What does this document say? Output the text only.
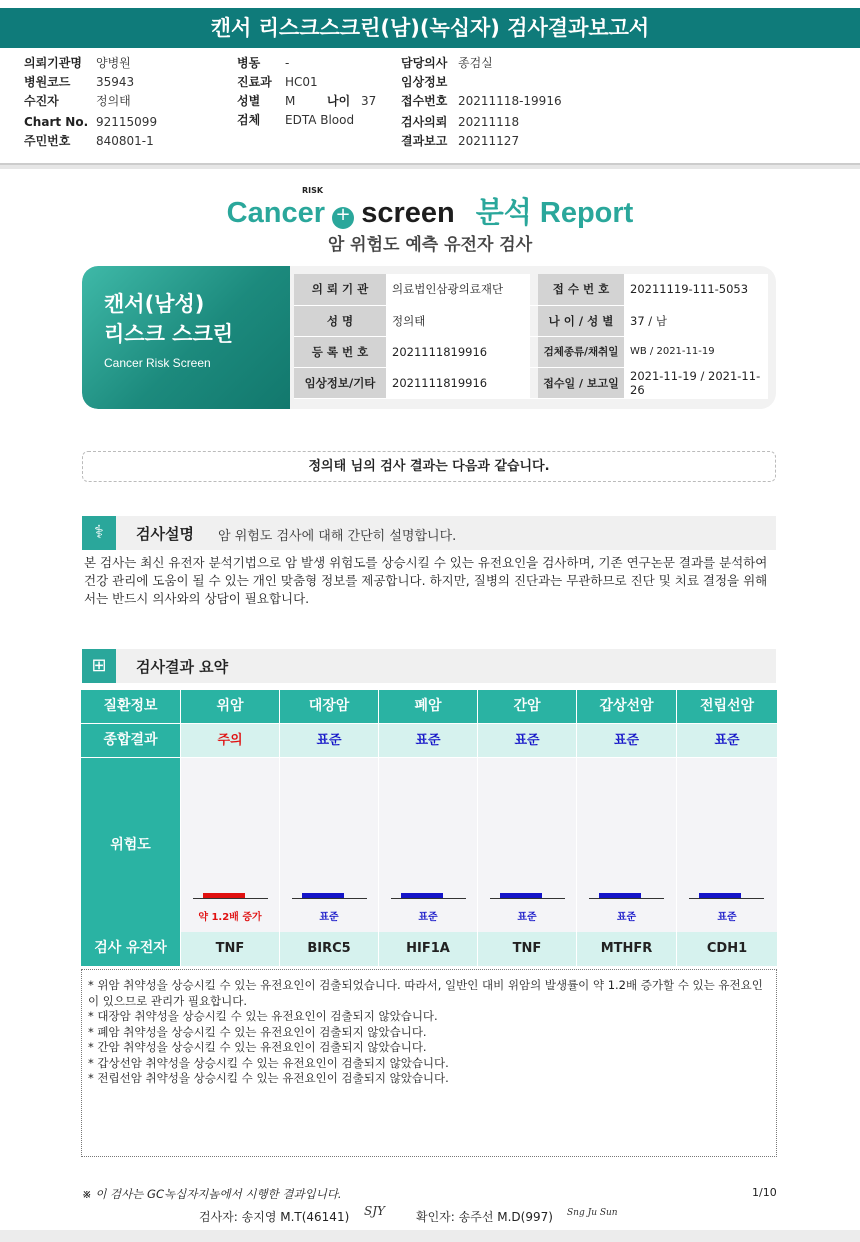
캔서 리스크스크린(남)(녹십자) 검사결과보고서
의뢰기관명 양병원
병원코드 35943
수진자	정의태
Chart No. 92115099
주민번호 840801-1
병동 -
진료과 HC01
성별 M	나이 37
검체 EDTA Blood
담당의사 종검실
임상정보
접수번호 20211118-19916
검사의뢰 20211118
결과보고 20211127
Cancer + screen 분석 Report
RISK
암 위험도 예측 유전자 검사
캔서(남성)
리스크 스크린
Cancer Risk Screen
의 뢰 기 관	의료법인삼광의료재단		접 수 번 호	20211119-111-5053
성 명	정의태		나 이 / 성 별	37 / 남
등 록 번 호	2021111819916		검체종류/채취일	WB / 2021-11-19
임상정보/기타	2021111819916		접수일 / 보고일	2021-11-19 / 2021-11-26
정의태 님의 검사 결과는 다음과 같습니다.
⚕	검사설명 암 위험도 검사에 대해 간단히 설명합니다.
본 검사는 최신 유전자 분석기법으로 암 발생 위험도를 상승시킬 수 있는 유전요인을 검사하며, 기존 연구논문 결과를 분석하여 건강 관리에 도움이 될 수 있는 개인 맞춤형 정보를 제공합니다. 하지만, 질병의 진단과는 무관하므로 진단 및 치료 결정을 위해서는 반드시 의사와의 상담이 필요합니다.
⊞	검사결과 요약
질환정보	위암	대장암	폐암	간암	갑상선암	전립선암
종합결과	주의	표준	표준	표준	표준	표준
위험도
약 1.2배 증가	표준	표준	표준	표준	표준
검사 유전자	TNF	BIRC5	HIF1A	TNF	MTHFR	CDH1
* 위암 취약성을 상승시킬 수 있는 유전요인이 검출되었습니다. 따라서, 일반인 대비 위암의 발생률이 약 1.2배 증가할 수 있는 유전요인이 있으므로 관리가 필요합니다.
* 대장암 취약성을 상승시킬 수 있는 유전요인이 검출되지 않았습니다.
* 폐암 취약성을 상승시킬 수 있는 유전요인이 검출되지 않았습니다.
* 간암 취약성을 상승시킬 수 있는 유전요인이 검출되지 않았습니다.
* 갑상선암 취약성을 상승시킬 수 있는 유전요인이 검출되지 않았습니다.
* 전립선암 취약성을 상승시킬 수 있는 유전요인이 검출되지 않았습니다.
※ 이 검사는 GC녹십자지놈에서 시행한 결과입니다.	1/10
검사자: 송지영 M.T(46141) SJY	확인자: 송주선 M.D(997) Sng Ju Sun
